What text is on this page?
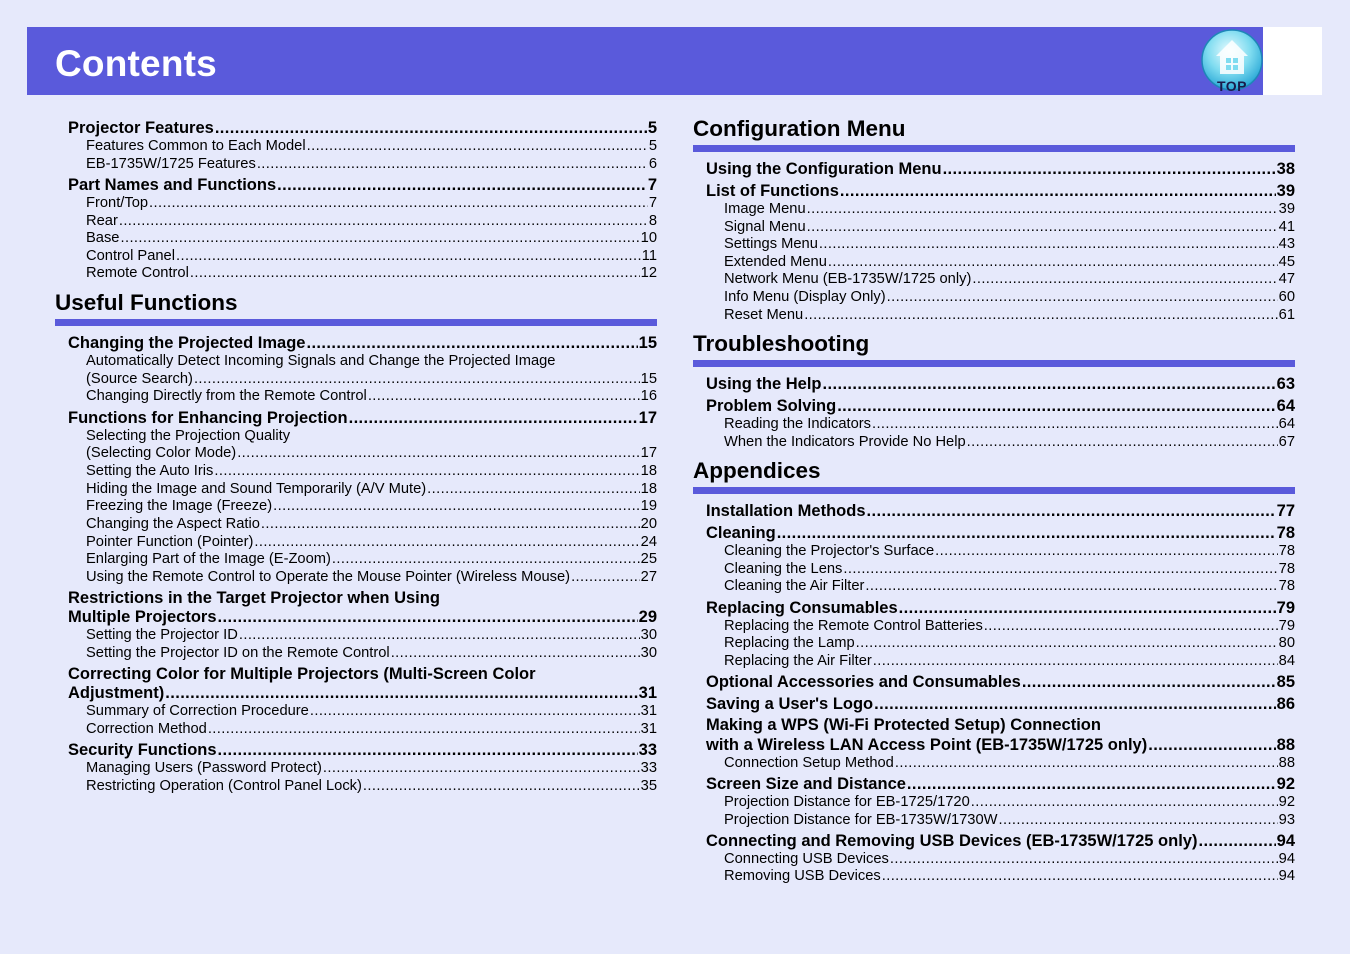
Contents
TOP
Projector Features .....	5
Features Common to Each Model .....	5
EB-1735W/1725 Features .....	6
Part Names and Functions .....	7
Front/Top .....	7
Rear .....	8
Base .....	10
Control Panel .....	11
Remote Control .....	12
Useful Functions
Changing the Projected Image .....	15
Automatically Detect Incoming Signals and Change the Projected Image
(Source Search) .....	15
Changing Directly from the Remote Control .....	16
Functions for Enhancing Projection .....	17
Selecting the Projection Quality
(Selecting Color Mode) .....	17
Setting the Auto Iris .....	18
Hiding the Image and Sound Temporarily (A/V Mute) .....	18
Freezing the Image (Freeze) .....	19
Changing the Aspect Ratio .....	20
Pointer Function (Pointer) .....	24
Enlarging Part of the Image (E-Zoom) .....	25
Using the Remote Control to Operate the Mouse Pointer (Wireless Mouse) .....	27
Restrictions in the Target Projector when Using
Multiple Projectors .....	29
Setting the Projector ID .....	30
Setting the Projector ID on the Remote Control .....	30
Correcting Color for Multiple Projectors (Multi-Screen Color
Adjustment) .....	31
Summary of Correction Procedure .....	31
Correction Method .....	31
Security Functions .....	33
Managing Users (Password Protect) .....	33
Restricting Operation (Control Panel Lock) .....	35
Configuration Menu
Using the Configuration Menu .....	38
List of Functions .....	39
Image Menu .....	39
Signal Menu .....	41
Settings Menu .....	43
Extended Menu .....	45
Network Menu (EB-1735W/1725 only) .....	47
Info Menu (Display Only) .....	60
Reset Menu .....	61
Troubleshooting
Using the Help .....	63
Problem Solving .....	64
Reading the Indicators .....	64
When the Indicators Provide No Help .....	67
Appendices
Installation Methods .....	77
Cleaning .....	78
Cleaning the Projector's Surface .....	78
Cleaning the Lens .....	78
Cleaning the Air Filter .....	78
Replacing Consumables .....	79
Replacing the Remote Control Batteries .....	79
Replacing the Lamp .....	80
Replacing the Air Filter .....	84
Optional Accessories and Consumables .....	85
Saving a User's Logo .....	86
Making a WPS (Wi-Fi Protected Setup) Connection
with a Wireless LAN Access Point (EB-1735W/1725 only) .....	88
Connection Setup Method .....	88
Screen Size and Distance .....	92
Projection Distance for EB-1725/1720 .....	92
Projection Distance for EB-1735W/1730W .....	93
Connecting and Removing USB Devices (EB-1735W/1725 only) .....	94
Connecting USB Devices .....	94
Removing USB Devices .....	94
